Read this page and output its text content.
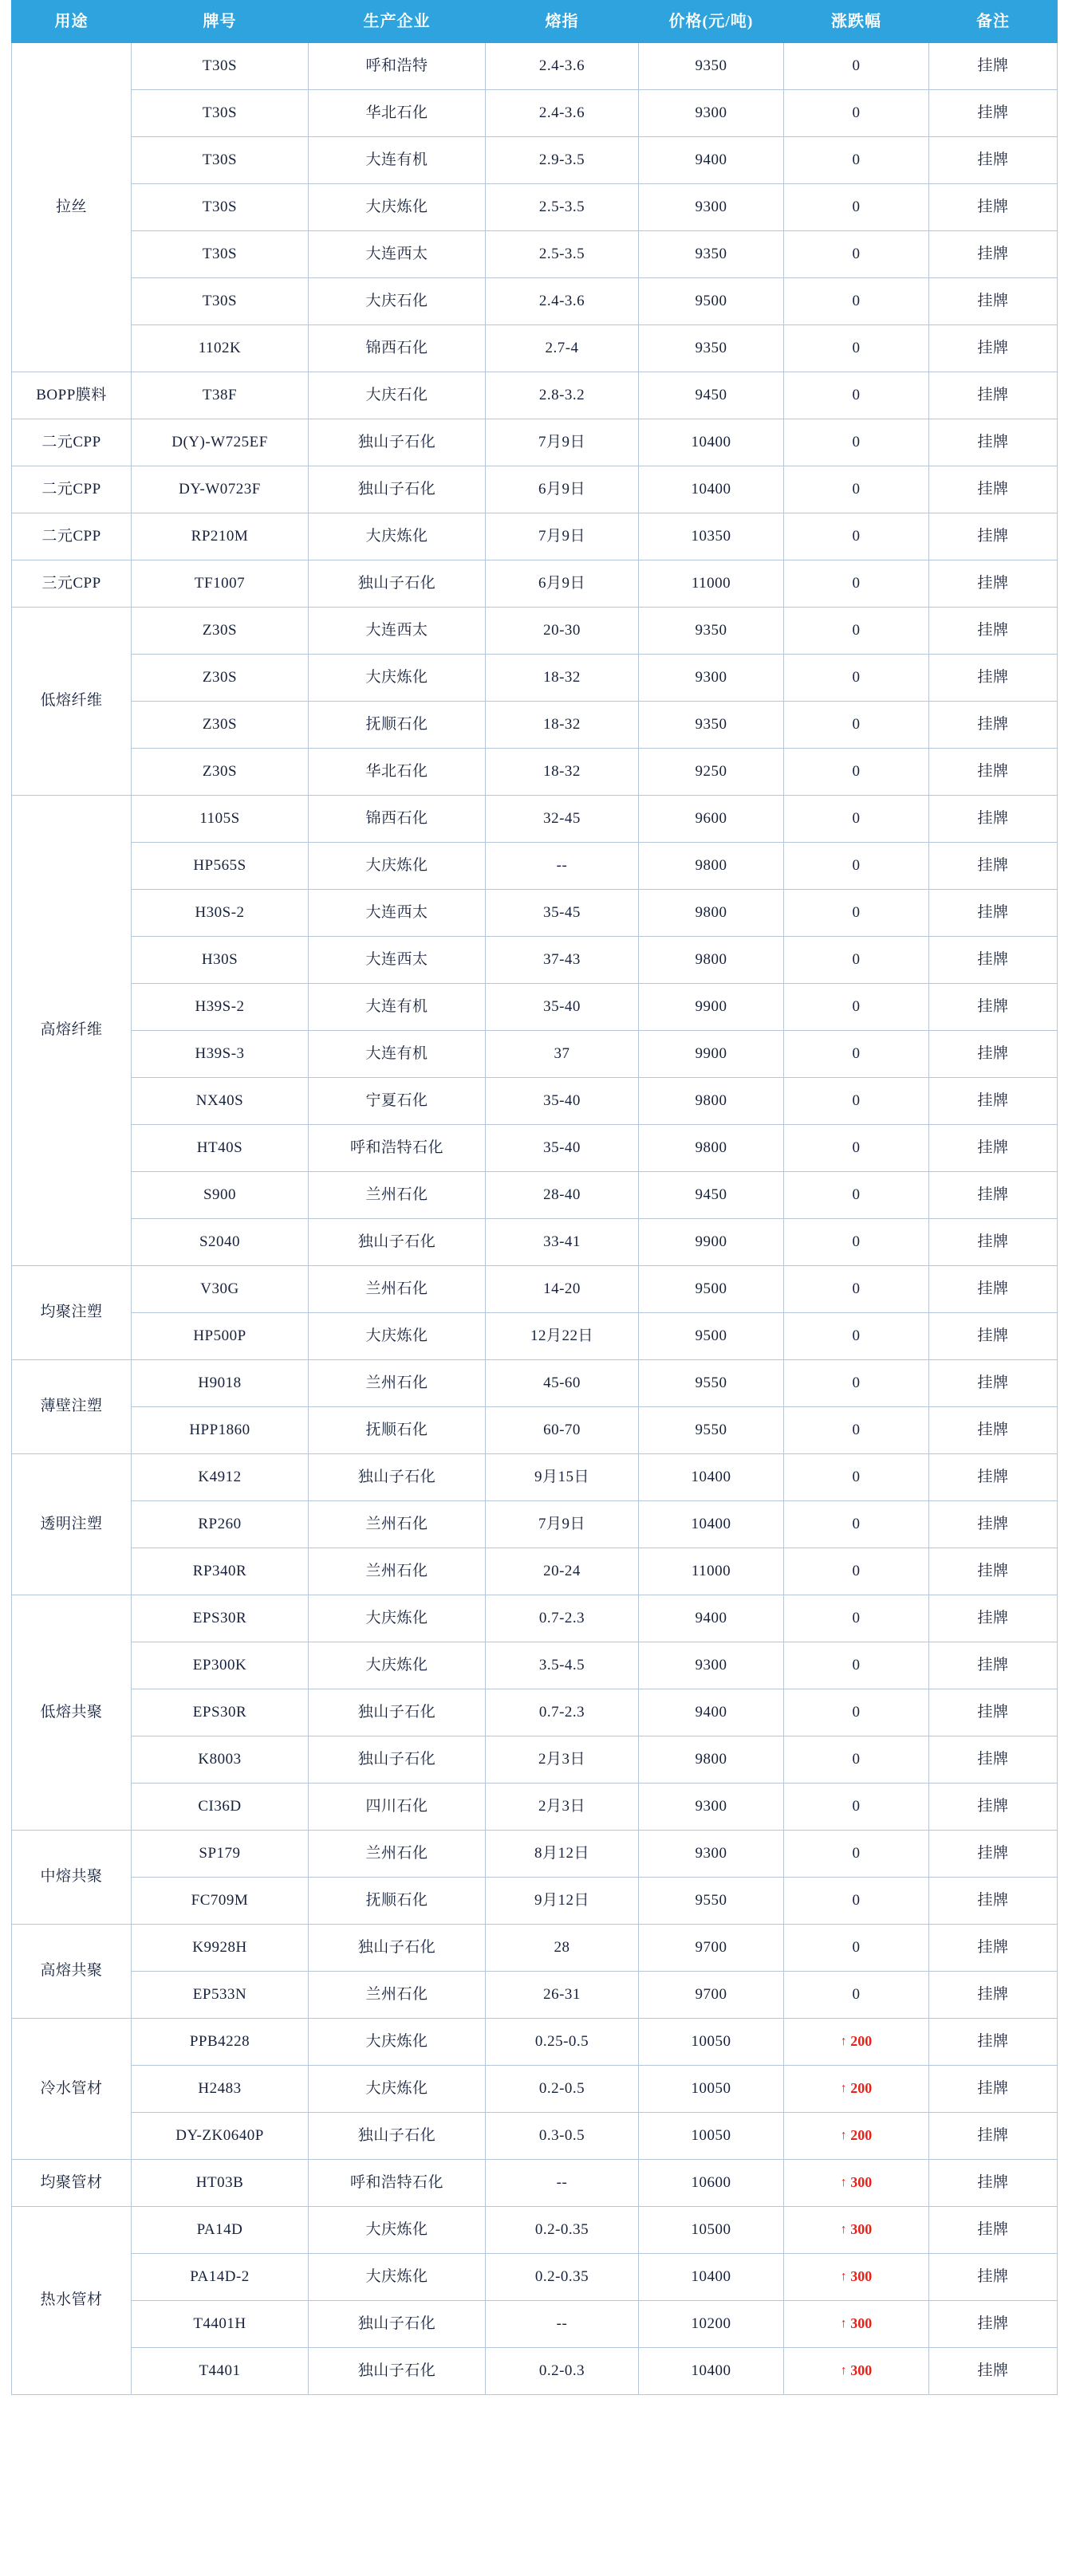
用途	牌号	生产企业	熔指	价格(元/吨)	涨跌幅	备注
拉丝	T30S	呼和浩特	2.4-3.6	9350	0	挂牌
	T30S	华北石化	2.4-3.6	9300	0	挂牌
	T30S	大连有机	2.9-3.5	9400	0	挂牌
	T30S	大庆炼化	2.5-3.5	9300	0	挂牌
	T30S	大连西太	2.5-3.5	9350	0	挂牌
	T30S	大庆石化	2.4-3.6	9500	0	挂牌
	1102K	锦西石化	2.7-4	9350	0	挂牌
BOPP膜料	T38F	大庆石化	2.8-3.2	9450	0	挂牌
二元CPP	D(Y)-W725EF	独山子石化	7月9日	10400	0	挂牌
二元CPP	DY-W0723F	独山子石化	6月9日	10400	0	挂牌
二元CPP	RP210M	大庆炼化	7月9日	10350	0	挂牌
三元CPP	TF1007	独山子石化	6月9日	11000	0	挂牌
低熔纤维	Z30S	大连西太	20-30	9350	0	挂牌
	Z30S	大庆炼化	18-32	9300	0	挂牌
	Z30S	抚顺石化	18-32	9350	0	挂牌
	Z30S	华北石化	18-32	9250	0	挂牌
高熔纤维	1105S	锦西石化	32-45	9600	0	挂牌
	HP565S	大庆炼化	--	9800	0	挂牌
	H30S-2	大连西太	35-45	9800	0	挂牌
	H30S	大连西太	37-43	9800	0	挂牌
	H39S-2	大连有机	35-40	9900	0	挂牌
	H39S-3	大连有机	37	9900	0	挂牌
	NX40S	宁夏石化	35-40	9800	0	挂牌
	HT40S	呼和浩特石化	35-40	9800	0	挂牌
	S900	兰州石化	28-40	9450	0	挂牌
	S2040	独山子石化	33-41	9900	0	挂牌
均聚注塑	V30G	兰州石化	14-20	9500	0	挂牌
	HP500P	大庆炼化	12月22日	9500	0	挂牌
薄壁注塑	H9018	兰州石化	45-60	9550	0	挂牌
	HPP1860	抚顺石化	60-70	9550	0	挂牌
透明注塑	K4912	独山子石化	9月15日	10400	0	挂牌
	RP260	兰州石化	7月9日	10400	0	挂牌
	RP340R	兰州石化	20-24	11000	0	挂牌
低熔共聚	EPS30R	大庆炼化	0.7-2.3	9400	0	挂牌
	EP300K	大庆炼化	3.5-4.5	9300	0	挂牌
	EPS30R	独山子石化	0.7-2.3	9400	0	挂牌
	K8003	独山子石化	2月3日	9800	0	挂牌
	CI36D	四川石化	2月3日	9300	0	挂牌
中熔共聚	SP179	兰州石化	8月12日	9300	0	挂牌
	FC709M	抚顺石化	9月12日	9550	0	挂牌
高熔共聚	K9928H	独山子石化	28	9700	0	挂牌
	EP533N	兰州石化	26-31	9700	0	挂牌
冷水管材	PPB4228	大庆炼化	0.25-0.5	10050	↑ 200	挂牌
	H2483	大庆炼化	0.2-0.5	10050	↑ 200	挂牌
	DY-ZK0640P	独山子石化	0.3-0.5	10050	↑ 200	挂牌
均聚管材	HT03B	呼和浩特石化	--	10600	↑ 300	挂牌
热水管材	PA14D	大庆炼化	0.2-0.35	10500	↑ 300	挂牌
	PA14D-2	大庆炼化	0.2-0.35	10400	↑ 300	挂牌
	T4401H	独山子石化	--	10200	↑ 300	挂牌
	T4401	独山子石化	0.2-0.3	10400	↑ 300	挂牌
